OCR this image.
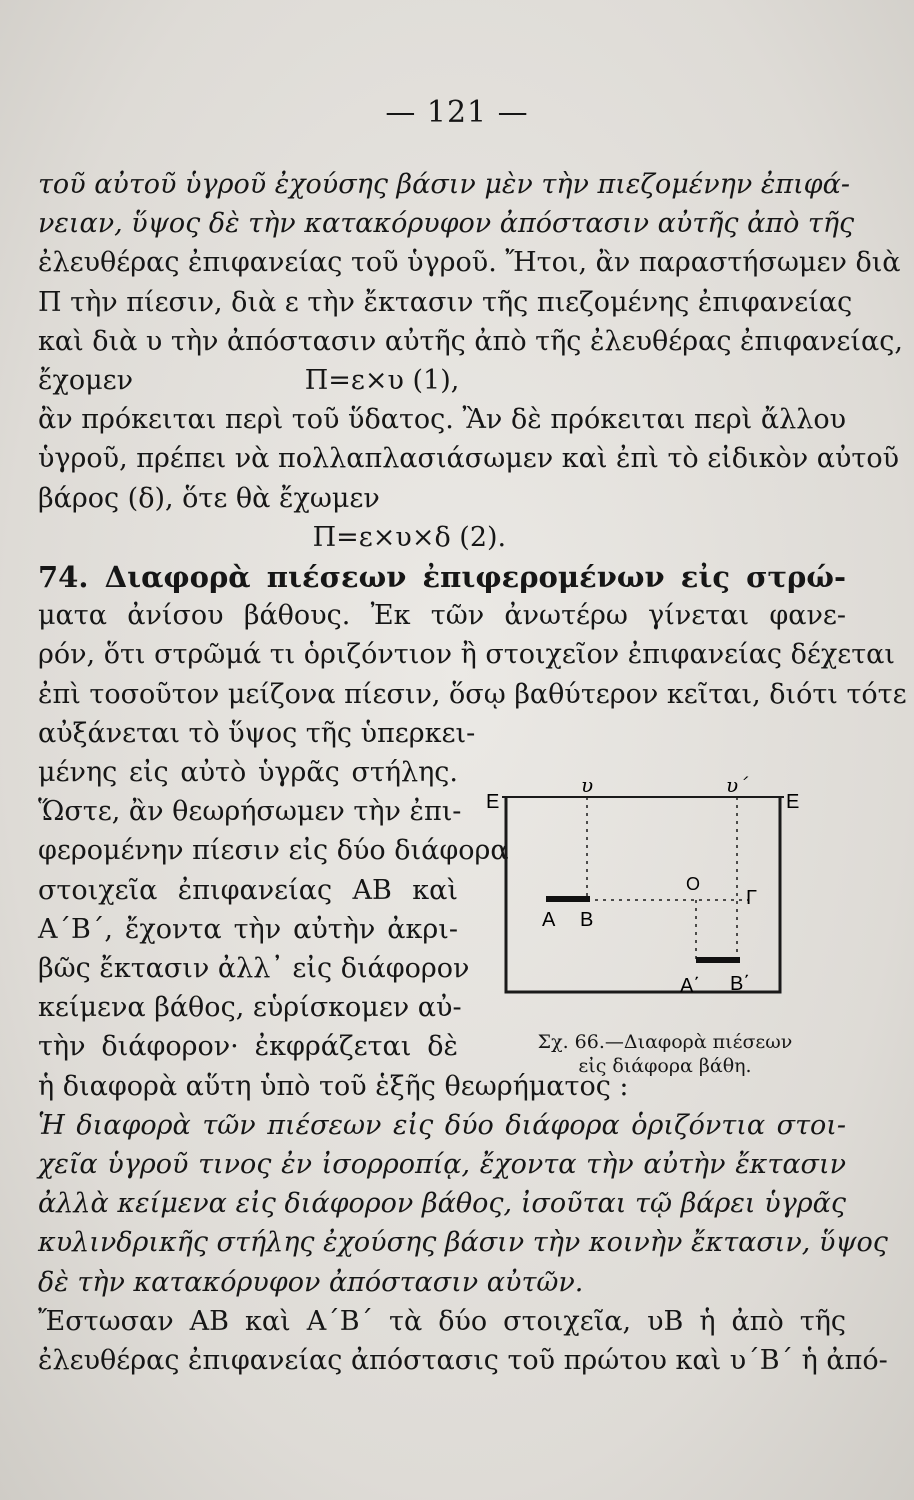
— 121 —
τοῦ αὐτοῦ ὑγροῦ ἐχούσης βάσιν μὲν τὴν πιεζομένην ἐπιφά-
νειαν, ὕψος δὲ τὴν κατακόρυφον ἀπόστασιν αὐτῆς ἀπὸ τῆς
ἐλευθέρας ἐπιφανείας τοῦ ὑγροῦ. Ἤτοι, ἂν παραστήσωμεν διὰ
Π τὴν πίεσιν, διὰ ε τὴν ἔκτασιν τῆς πιεζομένης ἐπιφανείας
καὶ διὰ υ τὴν ἀπόστασιν αὐτῆς ἀπὸ τῆς ἐλευθέρας ἐπιφανείας,
ἔχομεν                    Π=ε×υ (1),
ἂν πρόκειται περὶ τοῦ ὕδατος. Ἂν δὲ πρόκειται περὶ ἄλλου
ὑγροῦ, πρέπει νὰ πολλαπλασιάσωμεν καὶ ἐπὶ τὸ εἰδικὸν αὐτοῦ
βάρος (δ), ὅτε θὰ ἔχωμεν
Π=ε×υ×δ (2).
74. Διαφορὰ πιέσεων ἐπιφερομένων εἰς στρώ-
ματα ἀνίσου βάθους. Ἐκ τῶν ἀνωτέρω γίνεται φανε-
ρόν, ὅτι στρῶμά τι ὁριζόντιον ἢ στοιχεῖον ἐπιφανείας δέχεται
ἐπὶ τοσοῦτον μείζονα πίεσιν, ὅσῳ βαθύτερον κεῖται, διότι τότε
αὐξάνεται τὸ ὕψος τῆς ὑπερκει-
μένης εἰς αὐτὸ ὑγρᾶς στήλης.
Ὥστε, ἂν θεωρήσωμεν τὴν ἐπι-
φερομένην πίεσιν εἰς δύο διάφορα
στοιχεῖα ἐπιφανείας ΑΒ καὶ
Α΄Β΄, ἔχοντα τὴν αὐτὴν ἀκρι-
βῶς ἔκτασιν ἀλλ᾽ εἰς διάφορον
κείμενα βάθος, εὑρίσκομεν αὐ-
τὴν διάφορον· ἐκφράζεται δὲ
ἡ διαφορὰ αὕτη ὑπὸ τοῦ ἑξῆς θεωρήματος :
Ἡ διαφορὰ τῶν πιέσεων εἰς δύο διάφορα ὁριζόντια στοι-
χεῖα ὑγροῦ τινος ἐν ἰσορροπίᾳ, ἔχοντα τὴν αὐτὴν ἔκτασιν
ἀλλὰ κείμενα εἰς διάφορον βάθος, ἰσοῦται τῷ βάρει ὑγρᾶς
κυλινδρικῆς στήλης ἐχούσης βάσιν τὴν κοινὴν ἔκτασιν, ὕψος
δὲ τὴν κατακόρυφον ἀπόστασιν αὐτῶν.
Ἔστωσαν ΑΒ καὶ Α΄Β΄ τὰ δύο στοιχεῖα, υΒ ἡ ἀπὸ τῆς
ἐλευθέρας ἐπιφανείας ἀπόστασις τοῦ πρώτου καὶ υ΄Β΄ ἡ ἀπό-
Ε	Ε
υ	υ΄
Ο
Γ
Α Β
Α΄ Β΄
Σχ. 66.—Διαφορὰ πιέσεων
εἰς διάφορα βάθη.
